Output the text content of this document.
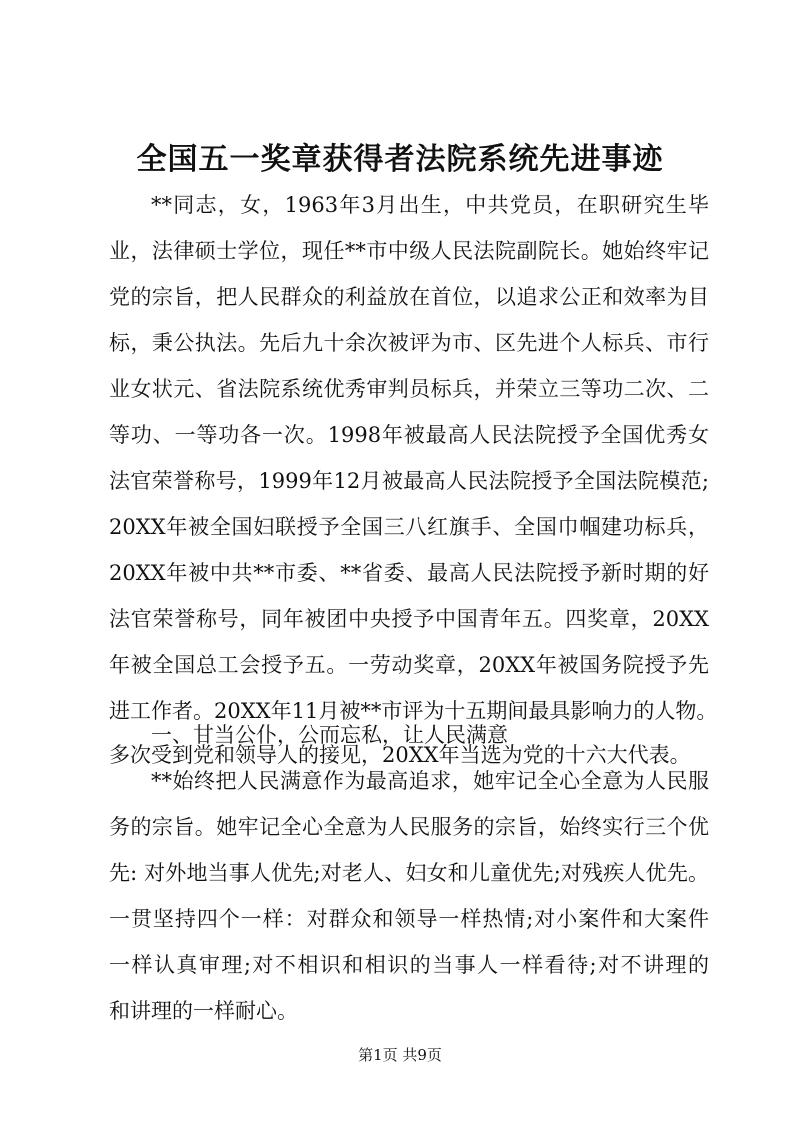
全国五一奖章获得者法院系统先进事迹

**同志，女，1963年3月出生，中共党员，在职研究生毕

业，法律硕士学位，现任**市中级人民法院副院长。她始终牢记

党的宗旨，把人民群众的利益放在首位，以追求公正和效率为目

标，秉公执法。先后九十余次被评为市、区先进个人标兵、市行

业女状元、省法院系统优秀审判员标兵，并荣立三等功二次、二

等功、一等功各一次。1998年被最高人民法院授予全国优秀女

法官荣誉称号，1999年12月被最高人民法院授予全国法院模范;

20XX年被全国妇联授予全国三八红旗手、全国巾帼建功标兵，

20XX年被中共**市委、**省委、最高人民法院授予新时期的好

法官荣誉称号，同年被团中央授予中国青年五。四奖章，20XX

年被全国总工会授予五。一劳动奖章，20XX年被国务院授予先

进工作者。20XX年11月被**市评为十五期间最具影响力的人物。

多次受到党和领导人的接见，20XX年当选为党的十六大代表。

一、甘当公仆，公而忘私，让人民满意

**始终把人民满意作为最高追求，她牢记全心全意为人民服

务的宗旨。她牢记全心全意为人民服务的宗旨，始终实行三个优

先: 对外地当事人优先;对老人、妇女和儿童优先;对残疾人优先。

一贯坚持四个一样：对群众和领导一样热情;对小案件和大案件

一样认真审理;对不相识和相识的当事人一样看待;对不讲理的

和讲理的一样耐心。

第1页 共9页
